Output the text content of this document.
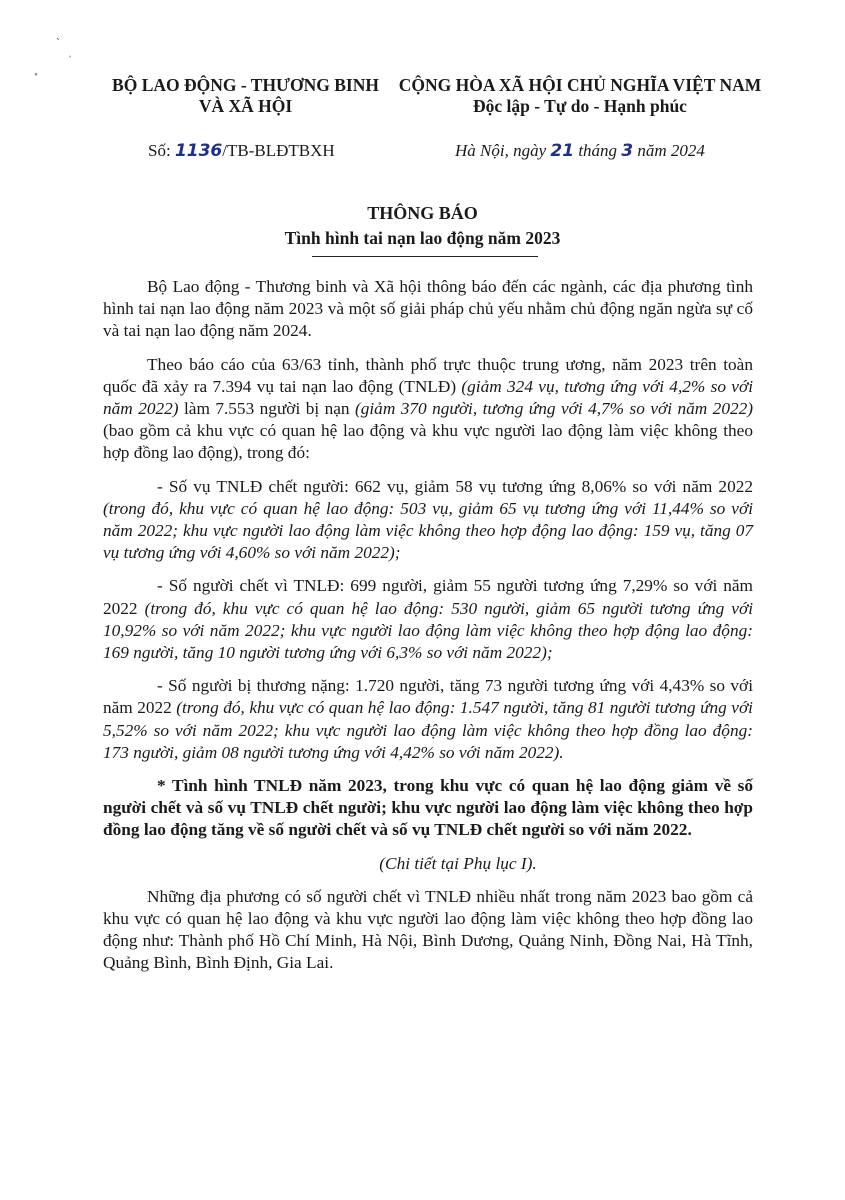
˴
ˌ
˳
BỘ LAO ĐỘNG - THƯƠNG BINH
VÀ XÃ HỘI
CỘNG HÒA XÃ HỘI CHỦ NGHĨA VIỆT NAM
Độc lập - Tự do - Hạnh phúc
Số: 1136/TB-BLĐTBXH	Hà Nội, ngày 21 tháng 3 năm 2024
THÔNG BÁO
Tình hình tai nạn lao động năm 2023

Bộ Lao động - Thương binh và Xã hội thông báo đến các ngành, các địa phương tình hình tai nạn lao động năm 2023 và một số giải pháp chủ yếu nhằm chủ động ngăn ngừa sự cố và tai nạn lao động năm 2024.

Theo báo cáo của 63/63 tỉnh, thành phố trực thuộc trung ương, năm 2023 trên toàn quốc đã xảy ra 7.394 vụ tai nạn lao động (TNLĐ) (giảm 324 vụ, tương ứng với 4,2% so với năm 2022) làm 7.553 người bị nạn (giảm 370 người, tương ứng với 4,7% so với năm 2022) (bao gồm cả khu vực có quan hệ lao động và khu vực người lao động làm việc không theo hợp đồng lao động), trong đó:

- Số vụ TNLĐ chết người: 662 vụ, giảm 58 vụ tương ứng 8,06% so với năm 2022 (trong đó, khu vực có quan hệ lao động: 503 vụ, giảm 65 vụ tương ứng với 11,44% so với năm 2022; khu vực người lao động làm việc không theo hợp động lao động: 159 vụ, tăng 07 vụ tương ứng với 4,60% so với năm 2022);

- Số người chết vì TNLĐ: 699 người, giảm 55 người tương ứng 7,29% so với năm 2022 (trong đó, khu vực có quan hệ lao động: 530 người, giảm 65 người tương ứng với 10,92% so với năm 2022; khu vực người lao động làm việc không theo hợp động lao động: 169 người, tăng 10 người tương ứng với 6,3% so với năm 2022);

- Số người bị thương nặng: 1.720 người, tăng 73 người tương ứng với 4,43% so với năm 2022 (trong đó, khu vực có quan hệ lao động: 1.547 người, tăng 81 người tương ứng với 5,52% so với năm 2022; khu vực người lao động làm việc không theo hợp đồng lao động: 173 người, giảm 08 người tương ứng với 4,42% so với năm 2022).

* Tình hình TNLĐ năm 2023, trong khu vực có quan hệ lao động giảm về số người chết và số vụ TNLĐ chết người; khu vực người lao động làm việc không theo hợp đồng lao động tăng về số người chết và số vụ TNLĐ chết người so với năm 2022.

(Chi tiết tại Phụ lục I).

Những địa phương có số người chết vì TNLĐ nhiều nhất trong năm 2023 bao gồm cả khu vực có quan hệ lao động và khu vực người lao động làm việc không theo hợp đồng lao động như: Thành phố Hồ Chí Minh, Hà Nội, Bình Dương, Quảng Ninh, Đồng Nai, Hà Tĩnh, Quảng Bình, Bình Định, Gia Lai.
